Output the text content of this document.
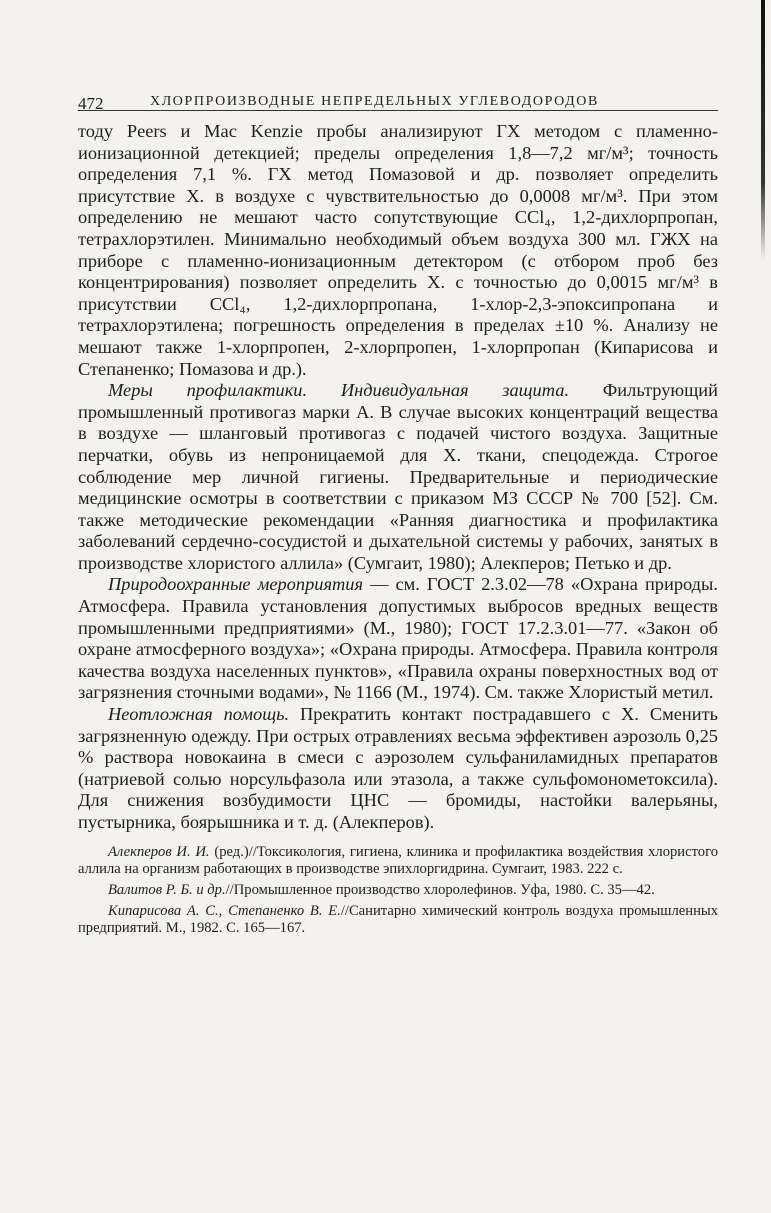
472	ХЛОРПРОИЗВОДНЫЕ НЕПРЕДЕЛЬНЫХ УГЛЕВОДОРОДОВ

тоду Peers и Mac Kenzie пробы анализируют ГХ методом с пламенно-ионизационной детекцией; пределы определения 1,8—7,2 мг/м³; точность определения 7,1 %. ГХ метод Помазовой и др. позволяет определить присутствие Х. в воздухе с чувствительностью до 0,0008 мг/м³. При этом определению не мешают часто сопутствующие CCl₄, 1,2-дихлорпропан, тетрахлорэтилен. Минимально необходимый объем воздуха 300 мл. ГЖХ на приборе с пламенно-ионизационным детектором (с отбором проб без концентрирования) позволяет определить Х. с точностью до 0,0015 мг/м³ в присутствии CCl₄, 1,2-дихлорпропана, 1-хлор-2,3-эпоксипропана и тетрахлорэтилена; погрешность определения в пределах ±10 %. Анализу не мешают также 1-хлорпропен, 2-хлорпропен, 1-хлорпропан (Кипарисова и Степаненко; Помазова и др.).

Меры профилактики. Индивидуальная защита. Фильтрующий промышленный противогаз марки А. В случае высоких концентраций вещества в воздухе — шланговый противогаз с подачей чистого воздуха. Защитные перчатки, обувь из непроницаемой для Х. ткани, спецодежда. Строгое соблюдение мер личной гигиены. Предварительные и периодические медицинские осмотры в соответствии с приказом МЗ СССР № 700 [52]. См. также методические рекомендации «Ранняя диагностика и профилактика заболеваний сердечно-сосудистой и дыхательной системы у рабочих, занятых в производстве хлористого аллила» (Сумгаит, 1980); Алекперов; Петько и др.

Природоохранные мероприятия — см. ГОСТ 2.3.02—78 «Охрана природы. Атмосфера. Правила установления допустимых выбросов вредных веществ промышленными предприятиями» (М., 1980); ГОСТ 17.2.3.01—77. «Закон об охране атмосферного воздуха»; «Охрана природы. Атмосфера. Правила контроля качества воздуха населенных пунктов», «Правила охраны поверхностных вод от загрязнения сточными водами», № 1166 (М., 1974). См. также Хлористый метил.

Неотложная помощь. Прекратить контакт пострадавшего с Х. Сменить загрязненную одежду. При острых отравлениях весьма эффективен аэрозоль 0,25 % раствора новокаина в смеси с аэрозолем сульфаниламидных препаратов (натриевой солью норсульфазола или этазола, а также сульфомонометоксила). Для снижения возбудимости ЦНС — бромиды, настойки валерьяны, пустырника, боярышника и т. д. (Алекперов).

Алекперов И. И. (ред.)//Токсикология, гигиена, клиника и профилактика воздействия хлористого аллила на организм работающих в производстве эпихлоргидрина. Сумгаит, 1983. 222 с.

Валитов Р. Б. и др.//Промышленное производство хлоролефинов. Уфа, 1980. С. 35—42.

Кипарисова А. С., Степаненко В. Е.//Санитарно химический контроль воздуха промышленных предприятий. М., 1982. С. 165—167.
